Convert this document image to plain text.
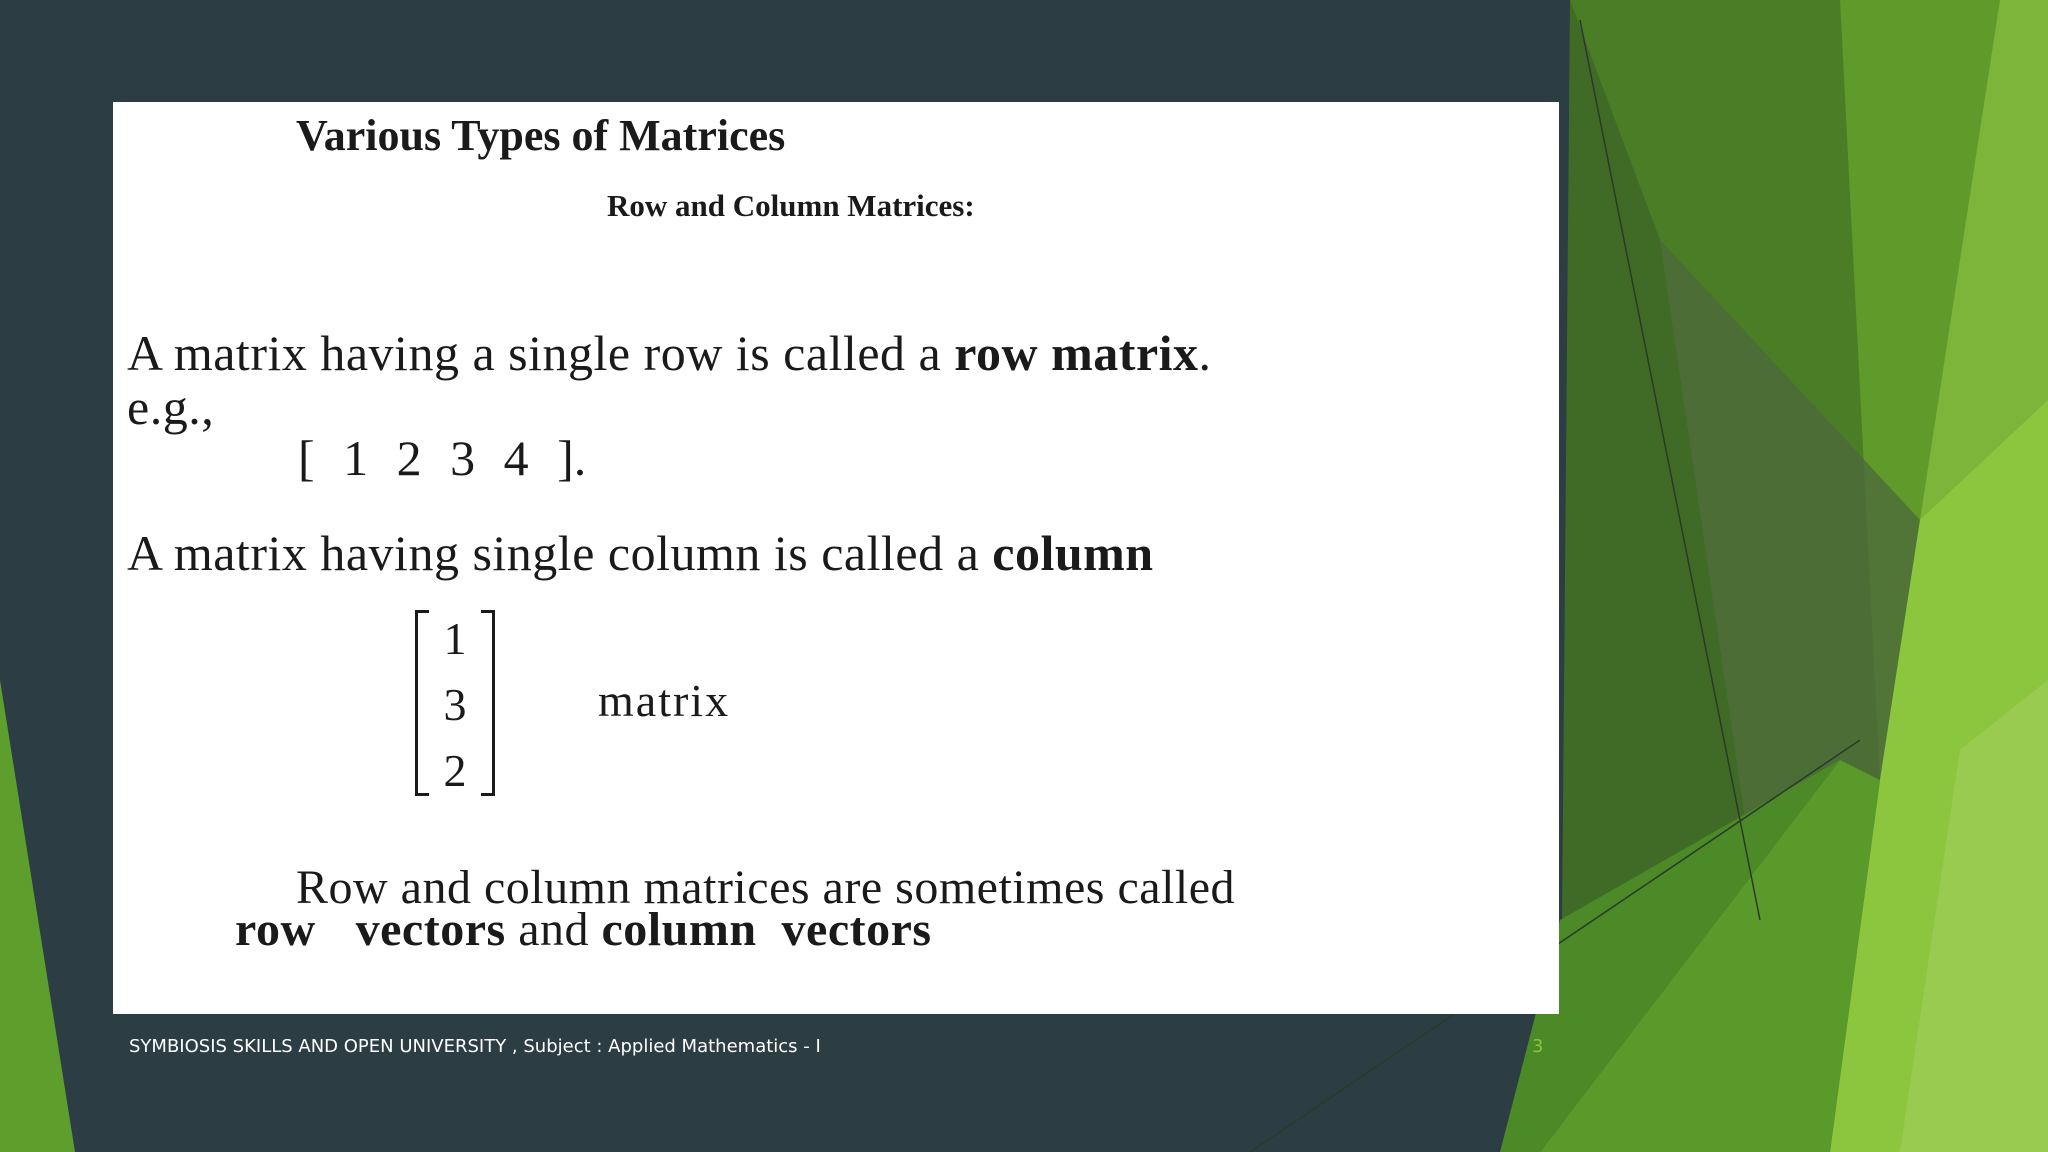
Various Types of Matrices
Row and Column Matrices:
A matrix having a single row is called a row matrix.
e.g.,
[ 1 2 3 4 ].
A matrix having single column is called a column
1
3
2
matrix
Row and column matrices are sometimes called
row vectors and column vectors
SYMBIOSIS SKILLS AND OPEN UNIVERSITY , Subject : Applied Mathematics - I	3
